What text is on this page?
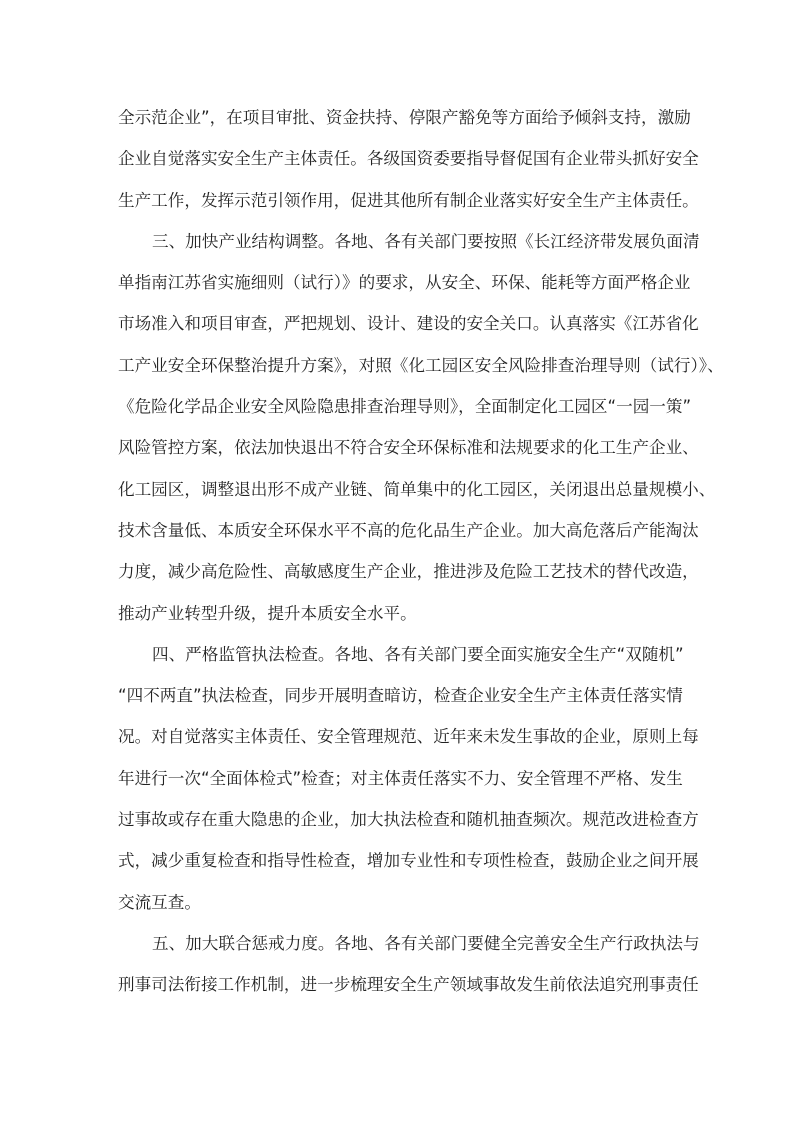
全示范企业”，在项目审批、资金扶持、停限产豁免等方面给予倾斜支持，激励
企业自觉落实安全生产主体责任。各级国资委要指导督促国有企业带头抓好安全
生产工作，发挥示范引领作用，促进其他所有制企业落实好安全生产主体责任。
三、加快产业结构调整。各地、各有关部门要按照《长江经济带发展负面清
单指南江苏省实施细则（试行）》的要求，从安全、环保、能耗等方面严格企业
市场准入和项目审查，严把规划、设计、建设的安全关口。认真落实《江苏省化
工产业安全环保整治提升方案》，对照《化工园区安全风险排查治理导则（试行）》、
《危险化学品企业安全风险隐患排查治理导则》，全面制定化工园区“一园一策”
风险管控方案，依法加快退出不符合安全环保标准和法规要求的化工生产企业、
化工园区，调整退出形不成产业链、简单集中的化工园区，关闭退出总量规模小、
技术含量低、本质安全环保水平不高的危化品生产企业。加大高危落后产能淘汰
力度，减少高危险性、高敏感度生产企业，推进涉及危险工艺技术的替代改造，
推动产业转型升级，提升本质安全水平。
四、严格监管执法检查。各地、各有关部门要全面实施安全生产“双随机”
“四不两直”执法检查，同步开展明查暗访，检查企业安全生产主体责任落实情
况。对自觉落实主体责任、安全管理规范、近年来未发生事故的企业，原则上每
年进行一次“全面体检式”检查；对主体责任落实不力、安全管理不严格、发生
过事故或存在重大隐患的企业，加大执法检查和随机抽查频次。规范改进检查方
式，减少重复检查和指导性检查，增加专业性和专项性检查，鼓励企业之间开展
交流互查。
五、加大联合惩戒力度。各地、各有关部门要健全完善安全生产行政执法与
刑事司法衔接工作机制，进一步梳理安全生产领域事故发生前依法追究刑事责任
